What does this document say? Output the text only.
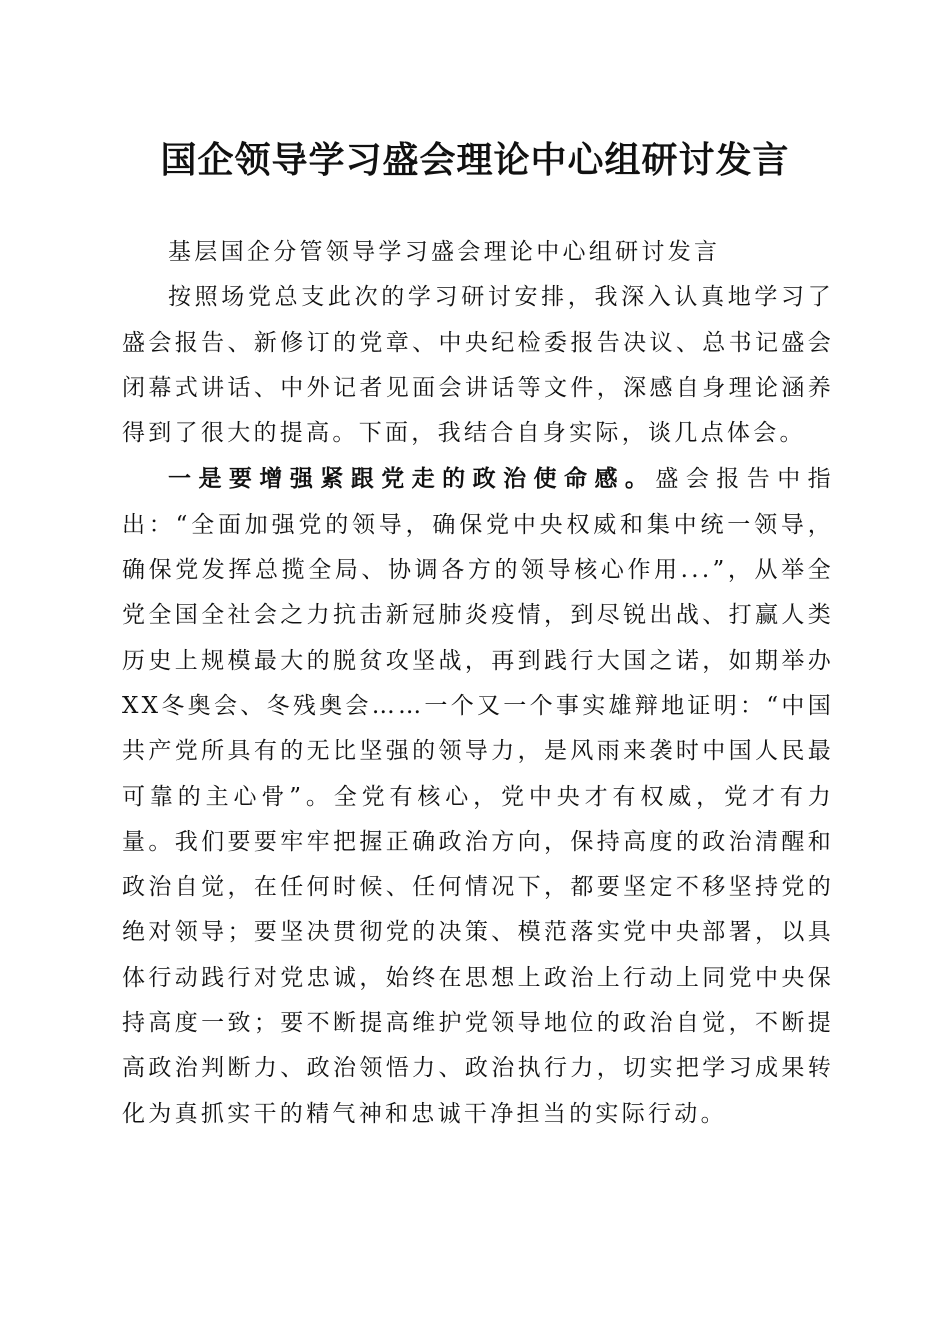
国企领导学习盛会理论中心组研讨发言

基层国企分管领导学习盛会理论中心组研讨发言

按照场党总支此次的学习研讨安排，我深入认真地学习了盛会报告、新修订的党章、中央纪检委报告决议、总书记盛会闭幕式讲话、中外记者见面会讲话等文件，深感自身理论涵养得到了很大的提高。下面，我结合自身实际，谈几点体会。

一是要增强紧跟党走的政治使命感。盛会报告中指出：“全面加强党的领导，确保党中央权威和集中统一领导，确保党发挥总揽全局、协调各方的领导核心作用...”，从举全党全国全社会之力抗击新冠肺炎疫情，到尽锐出战、打赢人类历史上规模最大的脱贫攻坚战，再到践行大国之诺，如期举办XX冬奥会、冬残奥会……一个又一个事实雄辩地证明：“中国共产党所具有的无比坚强的领导力，是风雨来袭时中国人民最可靠的主心骨”。全党有核心，党中央才有权威，党才有力量。我们要要牢牢把握正确政治方向，保持高度的政治清醒和政治自觉，在任何时候、任何情况下，都要坚定不移坚持党的绝对领导；要坚决贯彻党的决策、模范落实党中央部署，以具体行动践行对党忠诚，始终在思想上政治上行动上同党中央保持高度一致；要不断提高维护党领导地位的政治自觉，不断提高政治判断力、政治领悟力、政治执行力，切实把学习成果转化为真抓实干的精气神和忠诚干净担当的实际行动。
